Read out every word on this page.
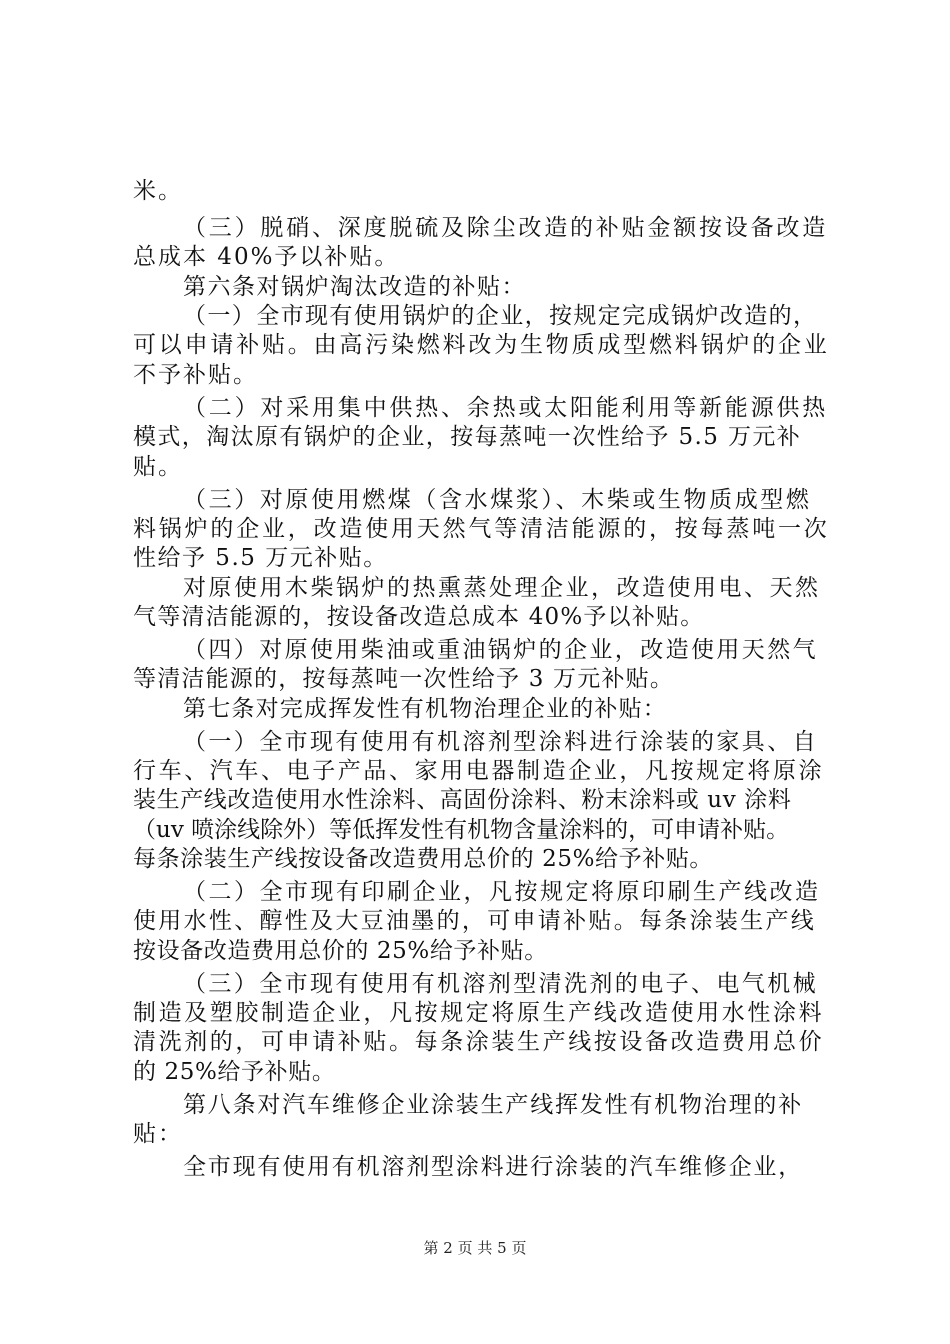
米。
（三）脱硝、深度脱硫及除尘改造的补贴金额按设备改造
总成本 40%予以补贴。
第六条对锅炉淘汰改造的补贴：
（一）全市现有使用锅炉的企业，按规定完成锅炉改造的，
可以申请补贴。由高污染燃料改为生物质成型燃料锅炉的企业
不予补贴。
（二）对采用集中供热、余热或太阳能利用等新能源供热
模式，淘汰原有锅炉的企业，按每蒸吨一次性给予 5.5 万元补
贴。
（三）对原使用燃煤（含水煤浆）、木柴或生物质成型燃
料锅炉的企业，改造使用天然气等清洁能源的，按每蒸吨一次
性给予 5.5 万元补贴。
对原使用木柴锅炉的热熏蒸处理企业，改造使用电、天然
气等清洁能源的，按设备改造总成本 40%予以补贴。
（四）对原使用柴油或重油锅炉的企业，改造使用天然气
等清洁能源的，按每蒸吨一次性给予 3 万元补贴。
第七条对完成挥发性有机物治理企业的补贴：
（一）全市现有使用有机溶剂型涂料进行涂装的家具、自
行车、汽车、电子产品、家用电器制造企业，凡按规定将原涂
装生产线改造使用水性涂料、高固份涂料、粉末涂料或 uv 涂料
（uv 喷涂线除外）等低挥发性有机物含量涂料的，可申请补贴。
每条涂装生产线按设备改造费用总价的 25%给予补贴。
（二）全市现有印刷企业，凡按规定将原印刷生产线改造
使用水性、醇性及大豆油墨的，可申请补贴。每条涂装生产线
按设备改造费用总价的 25%给予补贴。
（三）全市现有使用有机溶剂型清洗剂的电子、电气机械
制造及塑胶制造企业，凡按规定将原生产线改造使用水性涂料
清洗剂的，可申请补贴。每条涂装生产线按设备改造费用总价
的 25%给予补贴。
第八条对汽车维修企业涂装生产线挥发性有机物治理的补
贴：
全市现有使用有机溶剂型涂料进行涂装的汽车维修企业，
第 2 页 共 5 页
